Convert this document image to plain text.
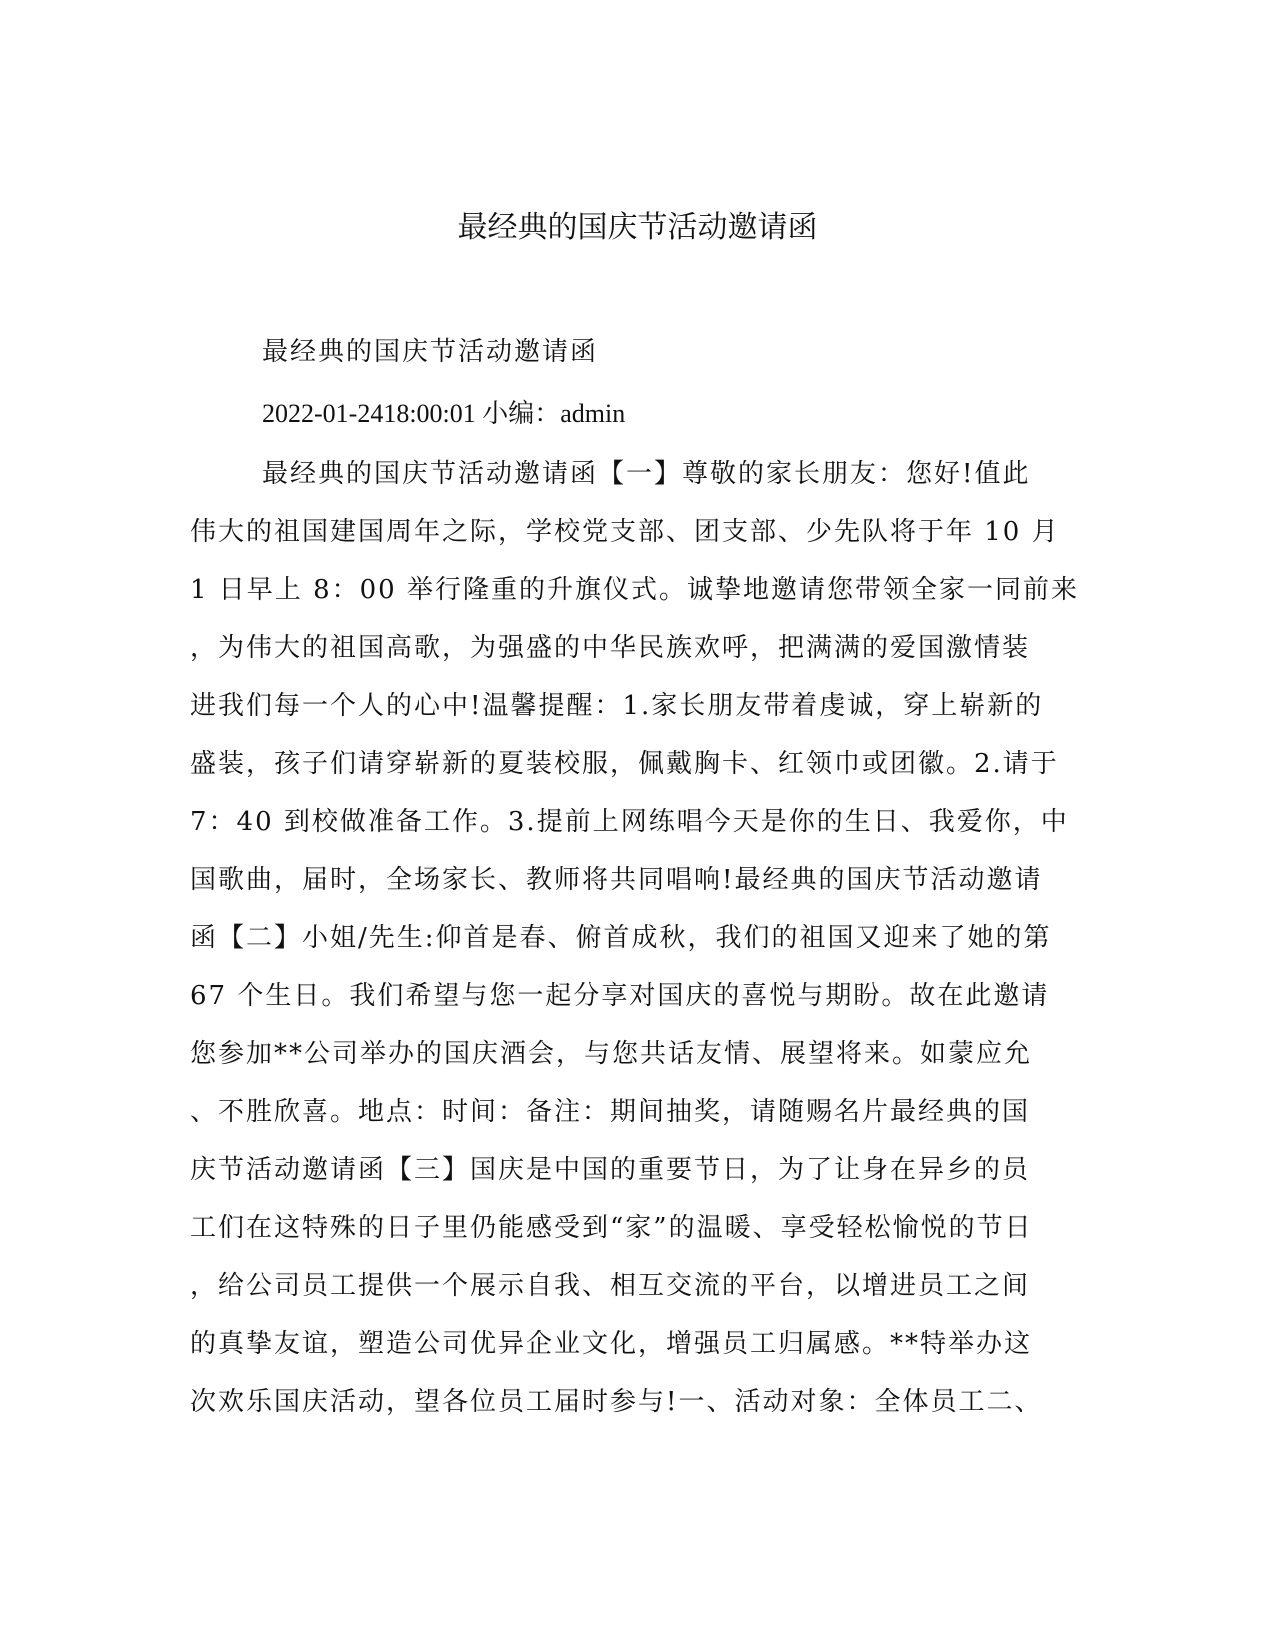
最经典的国庆节活动邀请函
最经典的国庆节活动邀请函
2022-01-2418:00:01 小编：admin
最经典的国庆节活动邀请函【一】尊敬的家长朋友：您好!值此
伟大的祖国建国周年之际，学校党支部、团支部、少先队将于年 10 月
1 日早上 8：00 举行隆重的升旗仪式。诚挚地邀请您带领全家一同前来
，为伟大的祖国高歌，为强盛的中华民族欢呼，把满满的爱国激情装
进我们每一个人的心中!温馨提醒：1.家长朋友带着虔诚，穿上崭新的
盛装，孩子们请穿崭新的夏装校服，佩戴胸卡、红领巾或团徽。2.请于
7：40 到校做准备工作。3.提前上网练唱今天是你的生日、我爱你，中
国歌曲，届时，全场家长、教师将共同唱响!最经典的国庆节活动邀请
函【二】小姐/先生:仰首是春、俯首成秋，我们的祖国又迎来了她的第
67 个生日。我们希望与您一起分享对国庆的喜悦与期盼。故在此邀请
您参加**公司举办的国庆酒会，与您共话友情、展望将来。如蒙应允
、不胜欣喜。地点：时间：备注：期间抽奖，请随赐名片最经典的国
庆节活动邀请函【三】国庆是中国的重要节日，为了让身在异乡的员
工们在这特殊的日子里仍能感受到“家”的温暖、享受轻松愉悦的节日
，给公司员工提供一个展示自我、相互交流的平台，以增进员工之间
的真挚友谊，塑造公司优异企业文化，增强员工归属感。**特举办这
次欢乐国庆活动，望各位员工届时参与!一、活动对象：全体员工二、
